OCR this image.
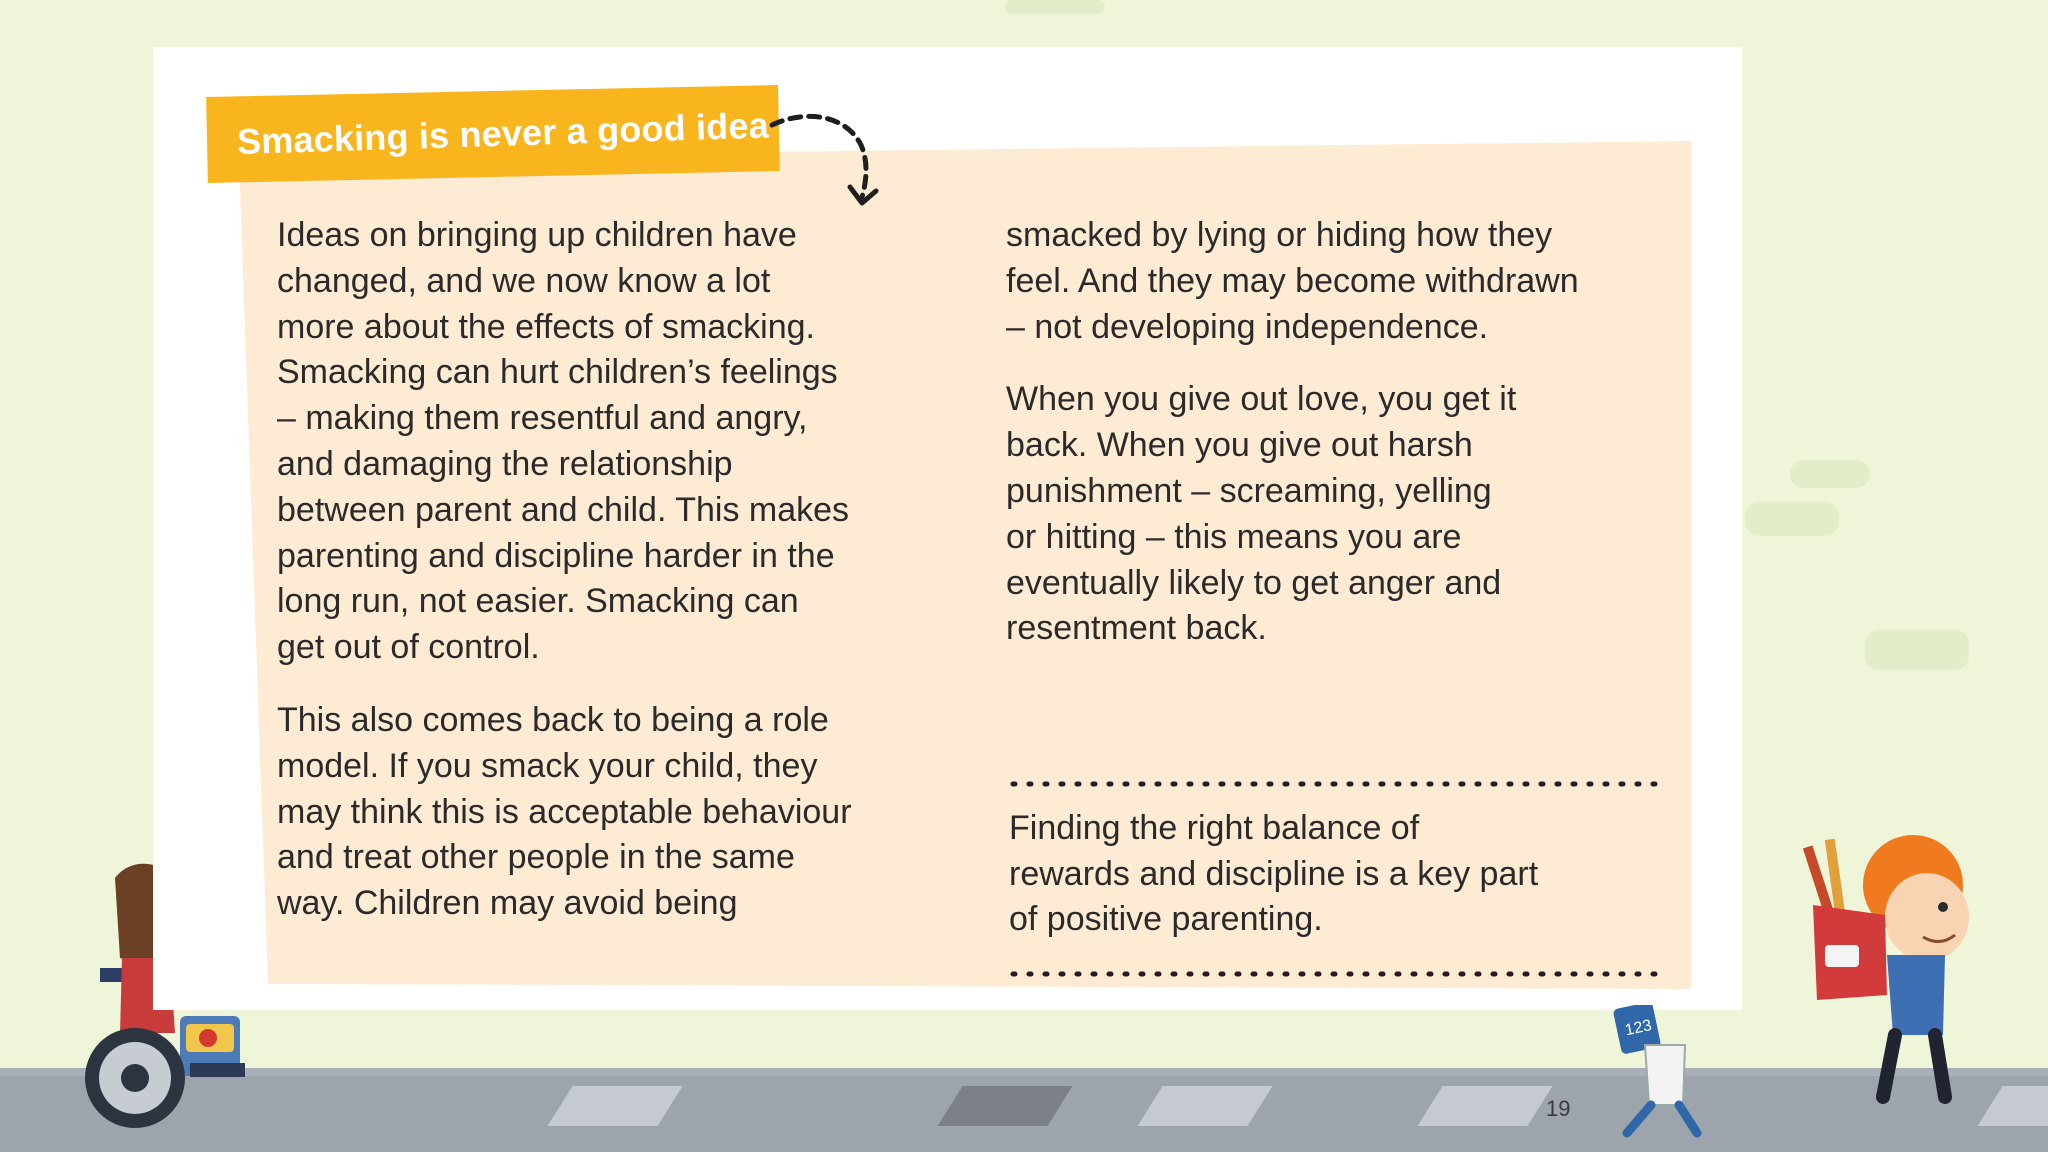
Smacking is never a good idea

Ideas on bringing up children have
changed, and we now know a lot
more about the effects of smacking.
Smacking can hurt children’s feelings
– making them resentful and angry,
and damaging the relationship
between parent and child. This makes
parenting and discipline harder in the
long run, not easier. Smacking can
get out of control.

This also comes back to being a role
model. If you smack your child, they
may think this is acceptable behaviour
and treat other people in the same
way. Children may avoid being

smacked by lying or hiding how they
feel. And they may become withdrawn
– not developing independence.

When you give out love, you get it
back. When you give out harsh
punishment – screaming, yelling
or hitting – this means you are
eventually likely to get anger and
resentment back.

Finding the right balance of
rewards and discipline is a key part
of positive parenting.

123
19
